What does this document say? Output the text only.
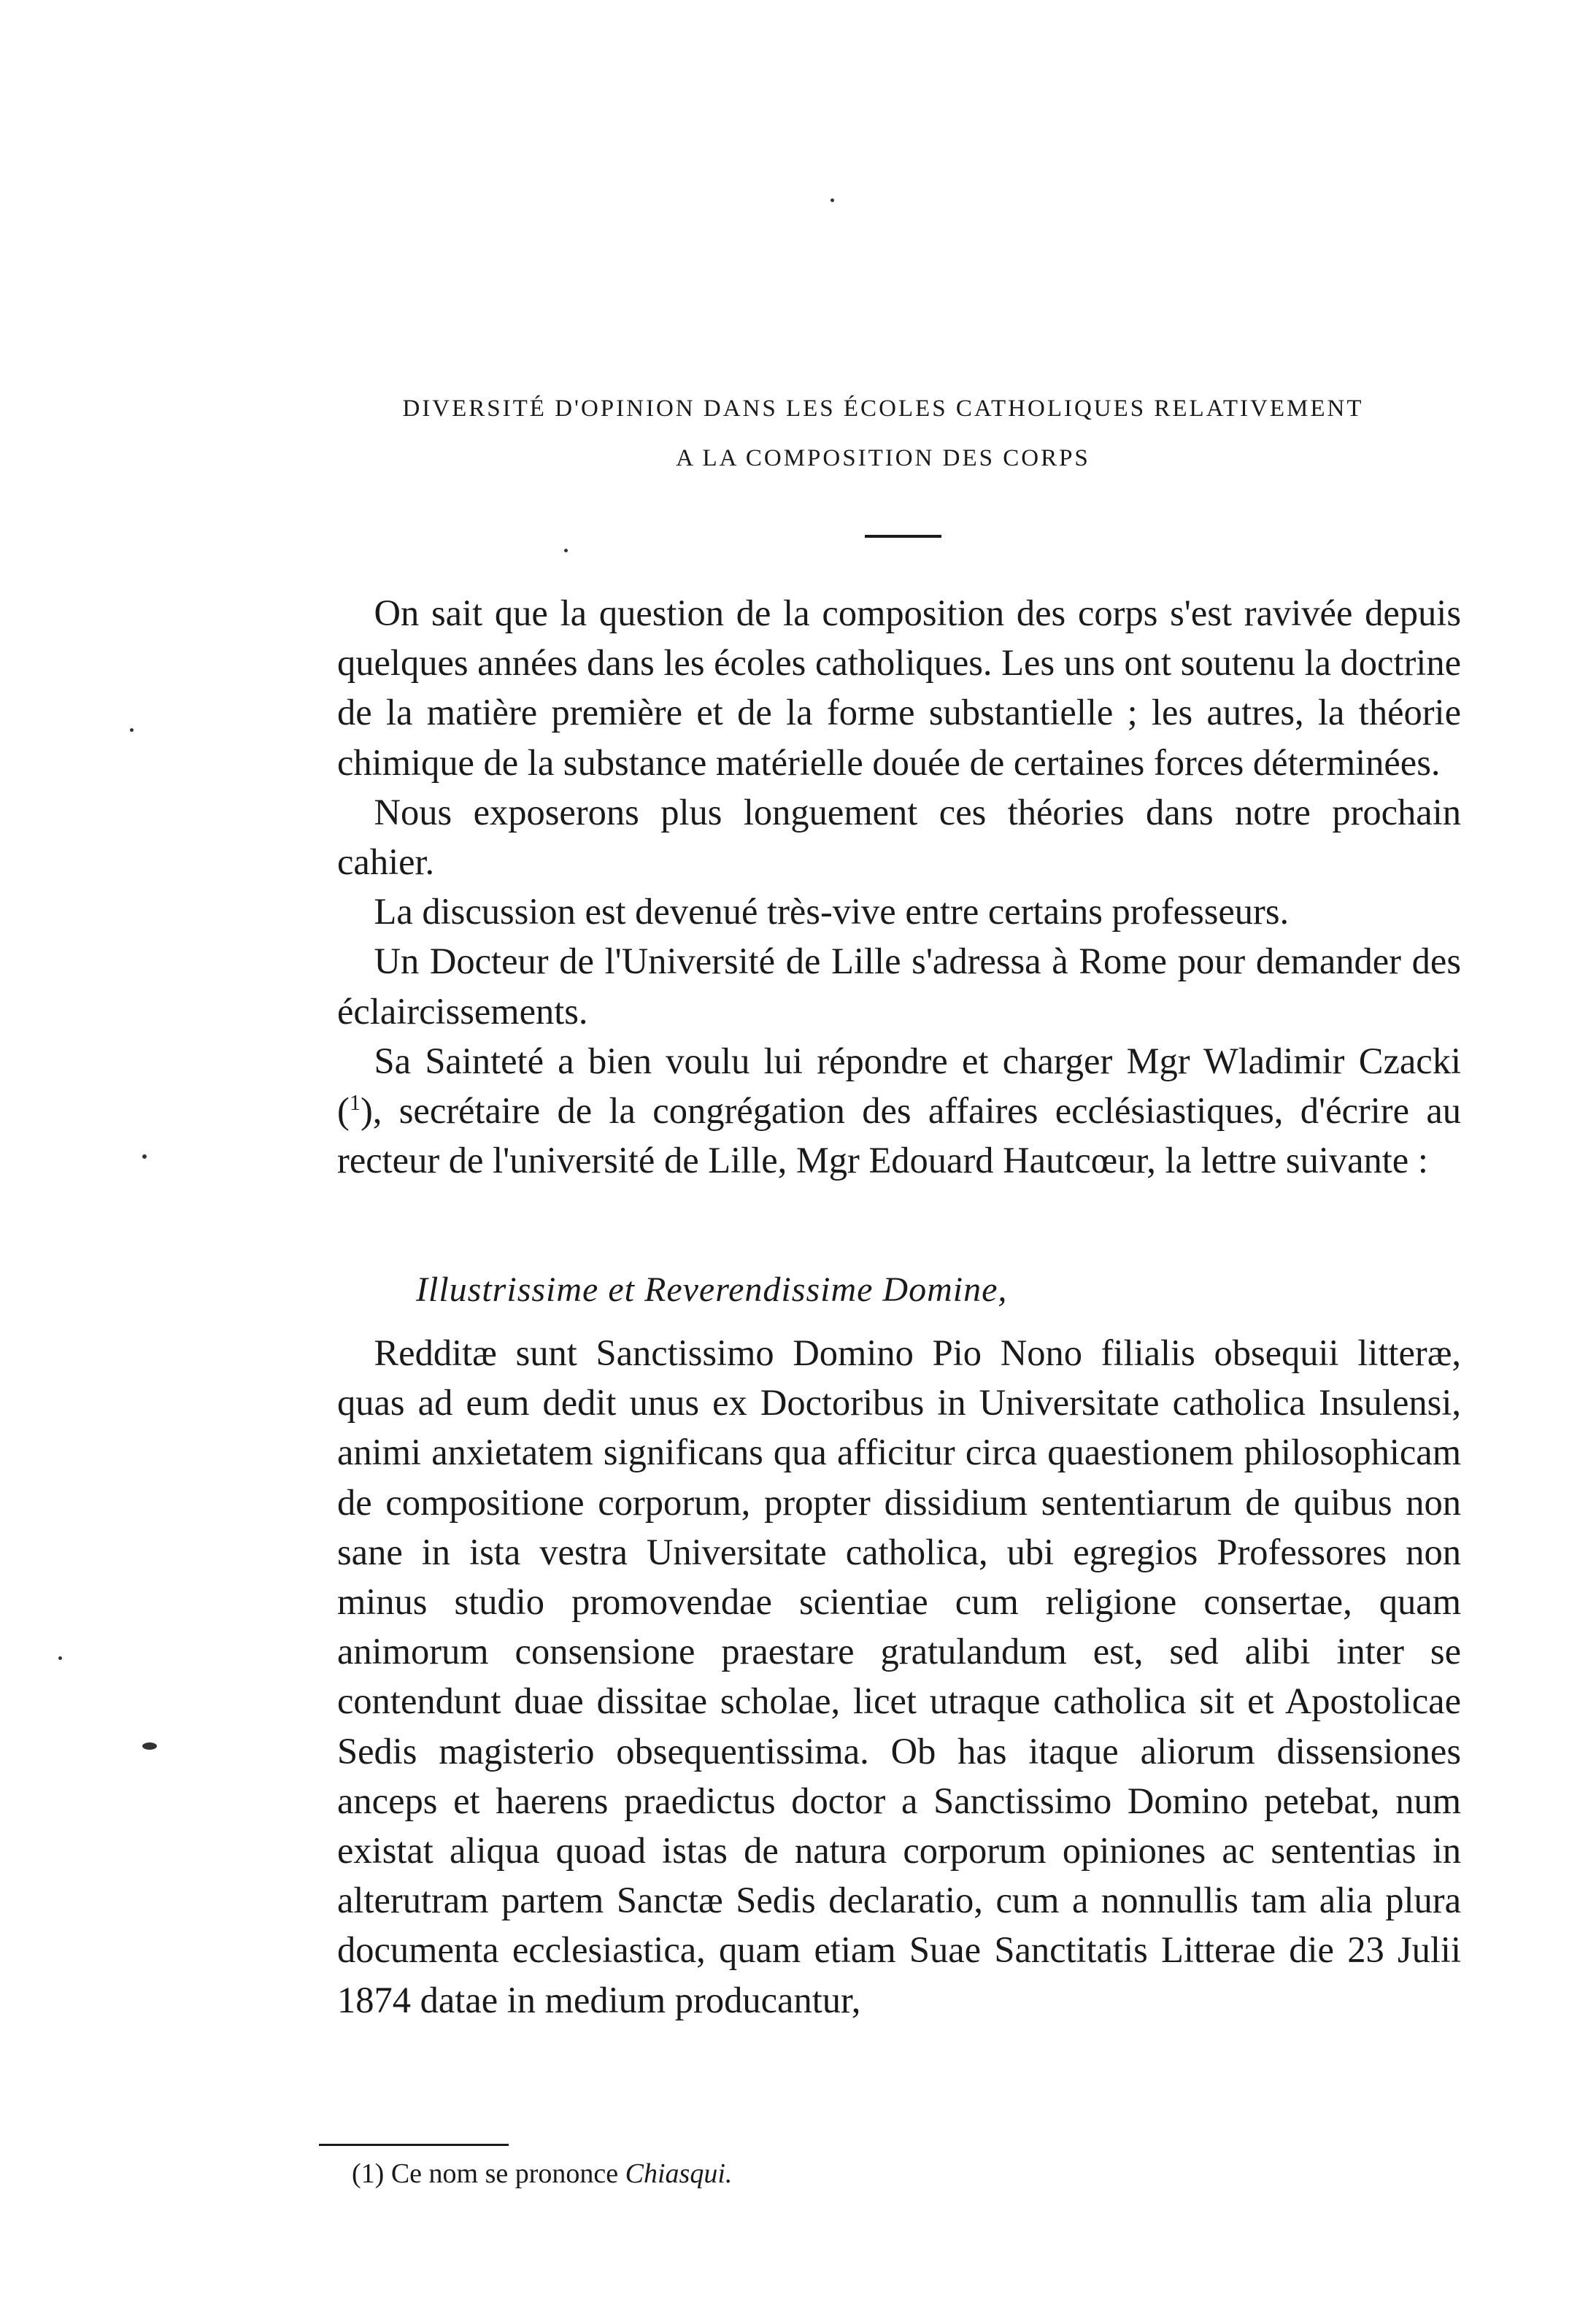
DIVERSITÉ D'OPINION DANS LES ÉCOLES CATHOLIQUES RELATIVEMENT
A LA COMPOSITION DES CORPS
 On sait que la question de la composition des corps s'est ravivée depuis quelques années dans les écoles catholiques. Les uns ont soutenu la doctrine de la matière première et de la forme substantielle ; les autres, la théorie chimique de la substance matérielle douée de certaines forces déterminées.
 Nous exposerons plus longuement ces théories dans notre prochain cahier.
 La discussion est devenué très-vive entre certains professeurs.
 Un Docteur de l'Université de Lille s'adressa à Rome pour demander des éclaircissements.
 Sa Sainteté a bien voulu lui répondre et charger Mgr Wladimir Czacki ($^1$), secrétaire de la congrégation des affaires ecclésiastiques, d'écrire au recteur de l'université de Lille, Mgr Edouard Hautcœur, la lettre suivante :
Illustrissime et Reverendissime Domine,
 Redditæ sunt Sanctissimo Domino Pio Nono filialis obsequii litteræ, quas ad eum dedit unus ex Doctoribus in Universitate catholica Insulensi, animi anxietatem significans qua afficitur circa quaestionem philosophicam de compositione corporum, propter dissidium sententiarum de quibus non sane in ista vestra Universitate catholica, ubi egregios Professores non minus studio promovendae scientiae cum religione consertae, quam animorum consensione praestare gratulandum est, sed alibi inter se contendunt duae dissitae scholae, licet utraque catholica sit et Apostolicae Sedis magisterio obsequentissima. Ob has itaque aliorum dissensiones anceps et haerens praedictus doctor a Sanctissimo Domino petebat, num existat aliqua quoad istas de natura corporum opiniones ac sententias in alterutram partem Sanctæ Sedis declaratio, cum a nonnullis tam alia plura documenta ecclesiastica, quam etiam Suae Sanctitatis Litterae die 23 Julii 1874 datae in medium producantur,
(1) Ce nom se prononce Chiasqui.
